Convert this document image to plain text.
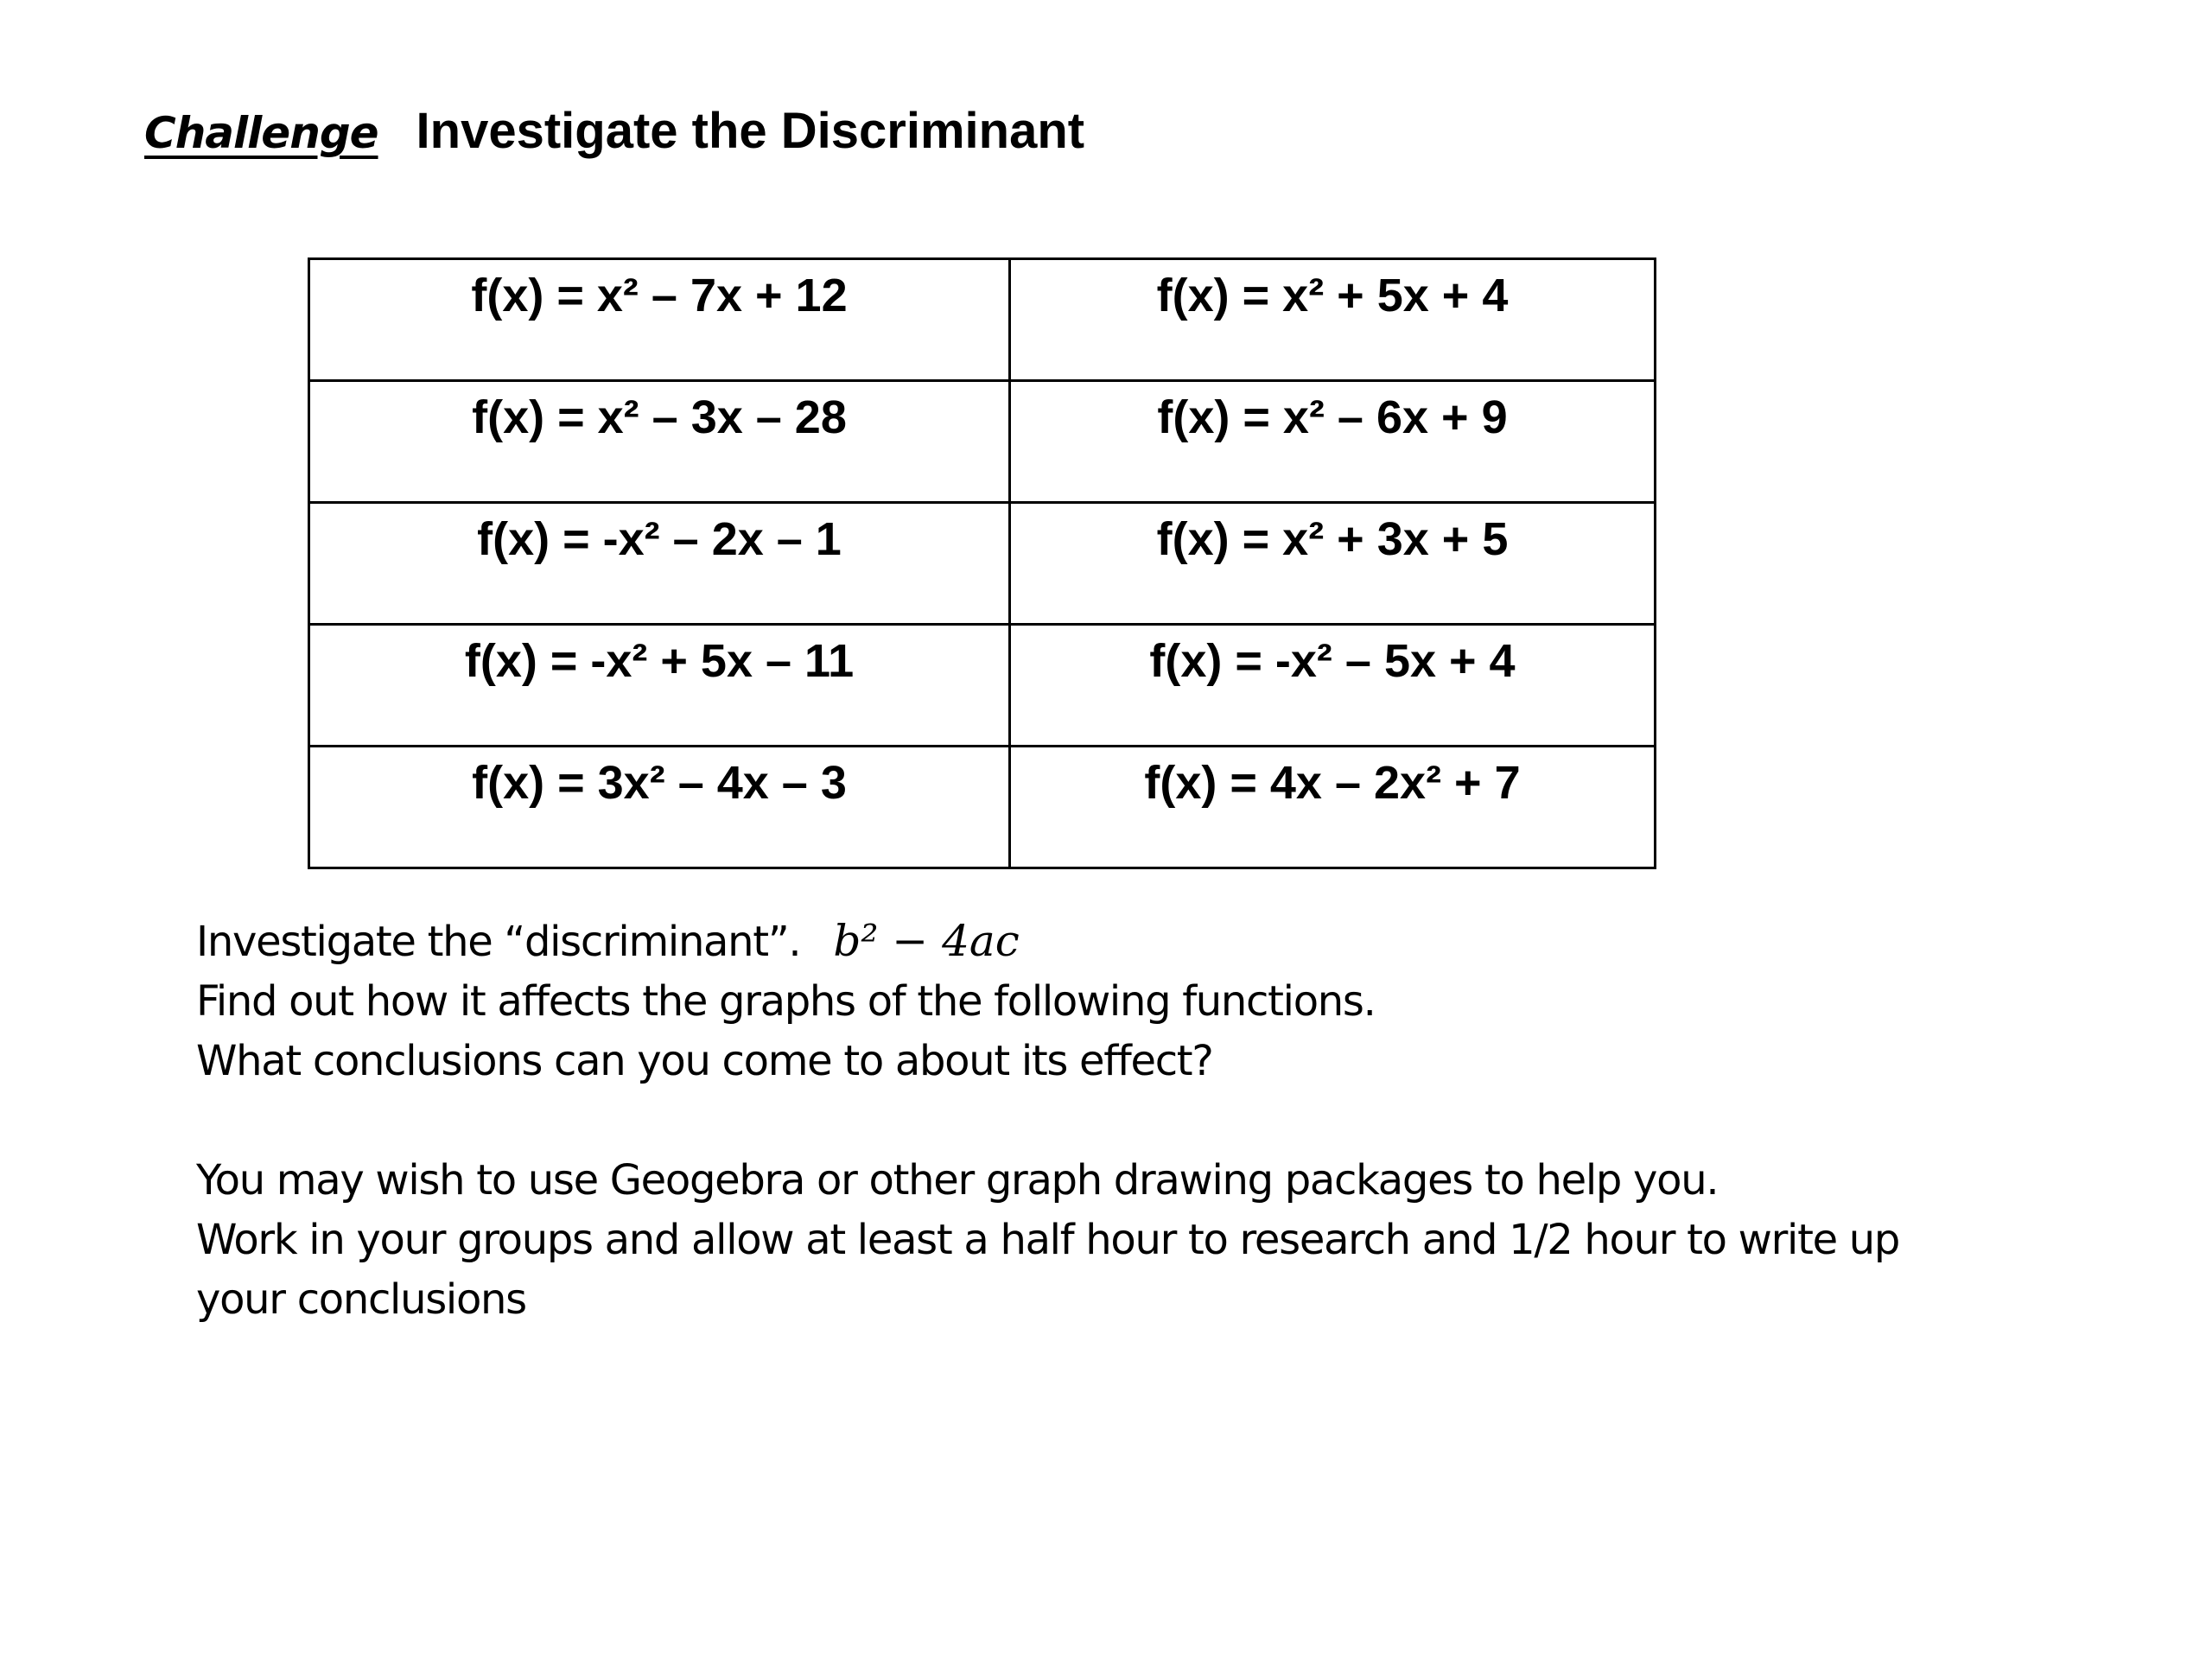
Challenge Investigate the Discriminant
f(x) = x² – 7x + 12	f(x) = x² + 5x + 4
f(x) = x² – 3x – 28	f(x) = x² – 6x + 9
f(x) = -x² – 2x – 1	f(x) = x² + 3x + 5
f(x) = -x² + 5x – 11	f(x) = -x² – 5x + 4
f(x) = 3x² – 4x – 3	f(x) = 4x – 2x² + 7

Investigate the “discriminant”. b² − 4ac

Find out how it affects the graphs of the following functions.

What conclusions can you come to about its effect?

You may wish to use Geogebra or other graph drawing packages to help you.

Work in your groups and allow at least a half hour to research and 1/2 hour to write up

your conclusions
